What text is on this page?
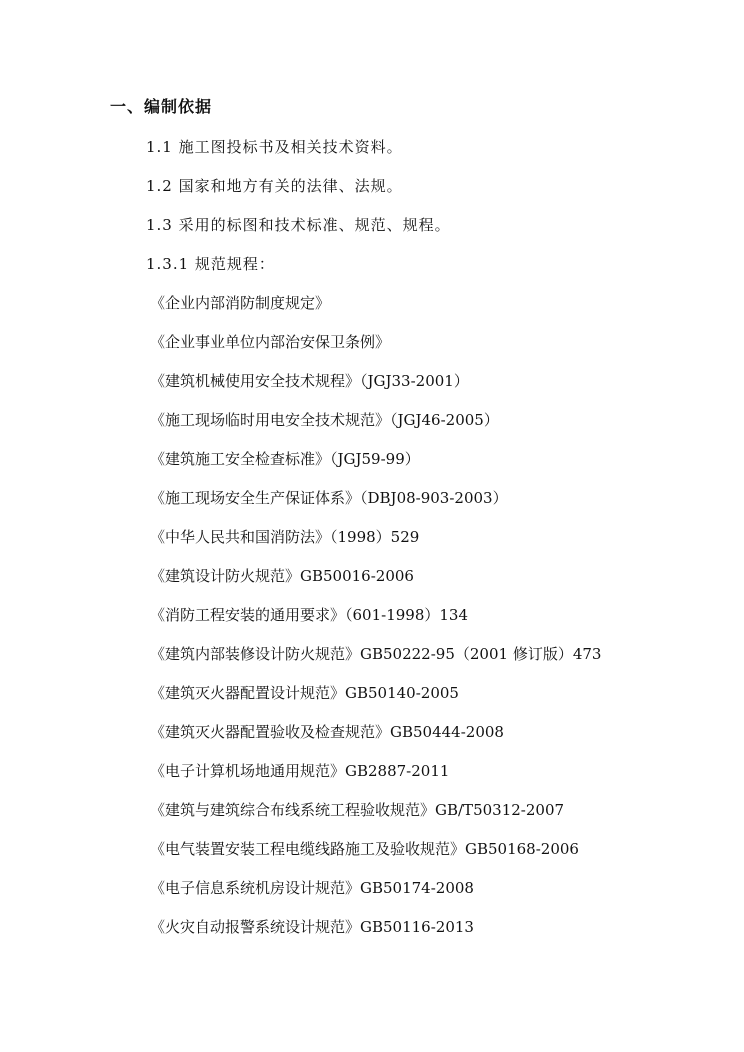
一、编制依据
1.1 施工图投标书及相关技术资料。
1.2 国家和地方有关的法律、法规。
1.3 采用的标图和技术标准、规范、规程。
1.3.1 规范规程：
《企业内部消防制度规定》
《企业事业单位内部治安保卫条例》
《建筑机械使用安全技术规程》（JGJ33-2001）
《施工现场临时用电安全技术规范》（JGJ46-2005）
《建筑施工安全检查标准》（JGJ59-99）
《施工现场安全生产保证体系》（DBJ08-903-2003）
《中华人民共和国消防法》（1998）529
《建筑设计防火规范》GB50016-2006
《消防工程安装的通用要求》（601-1998）134
《建筑内部装修设计防火规范》GB50222-95（2001 修订版）473
《建筑灭火器配置设计规范》GB50140-2005
《建筑灭火器配置验收及检查规范》GB50444-2008
《电子计算机场地通用规范》GB2887-2011
《建筑与建筑综合布线系统工程验收规范》GB/T50312-2007
《电气装置安装工程电缆线路施工及验收规范》GB50168-2006
《电子信息系统机房设计规范》GB50174-2008
《火灾自动报警系统设计规范》GB50116-2013
